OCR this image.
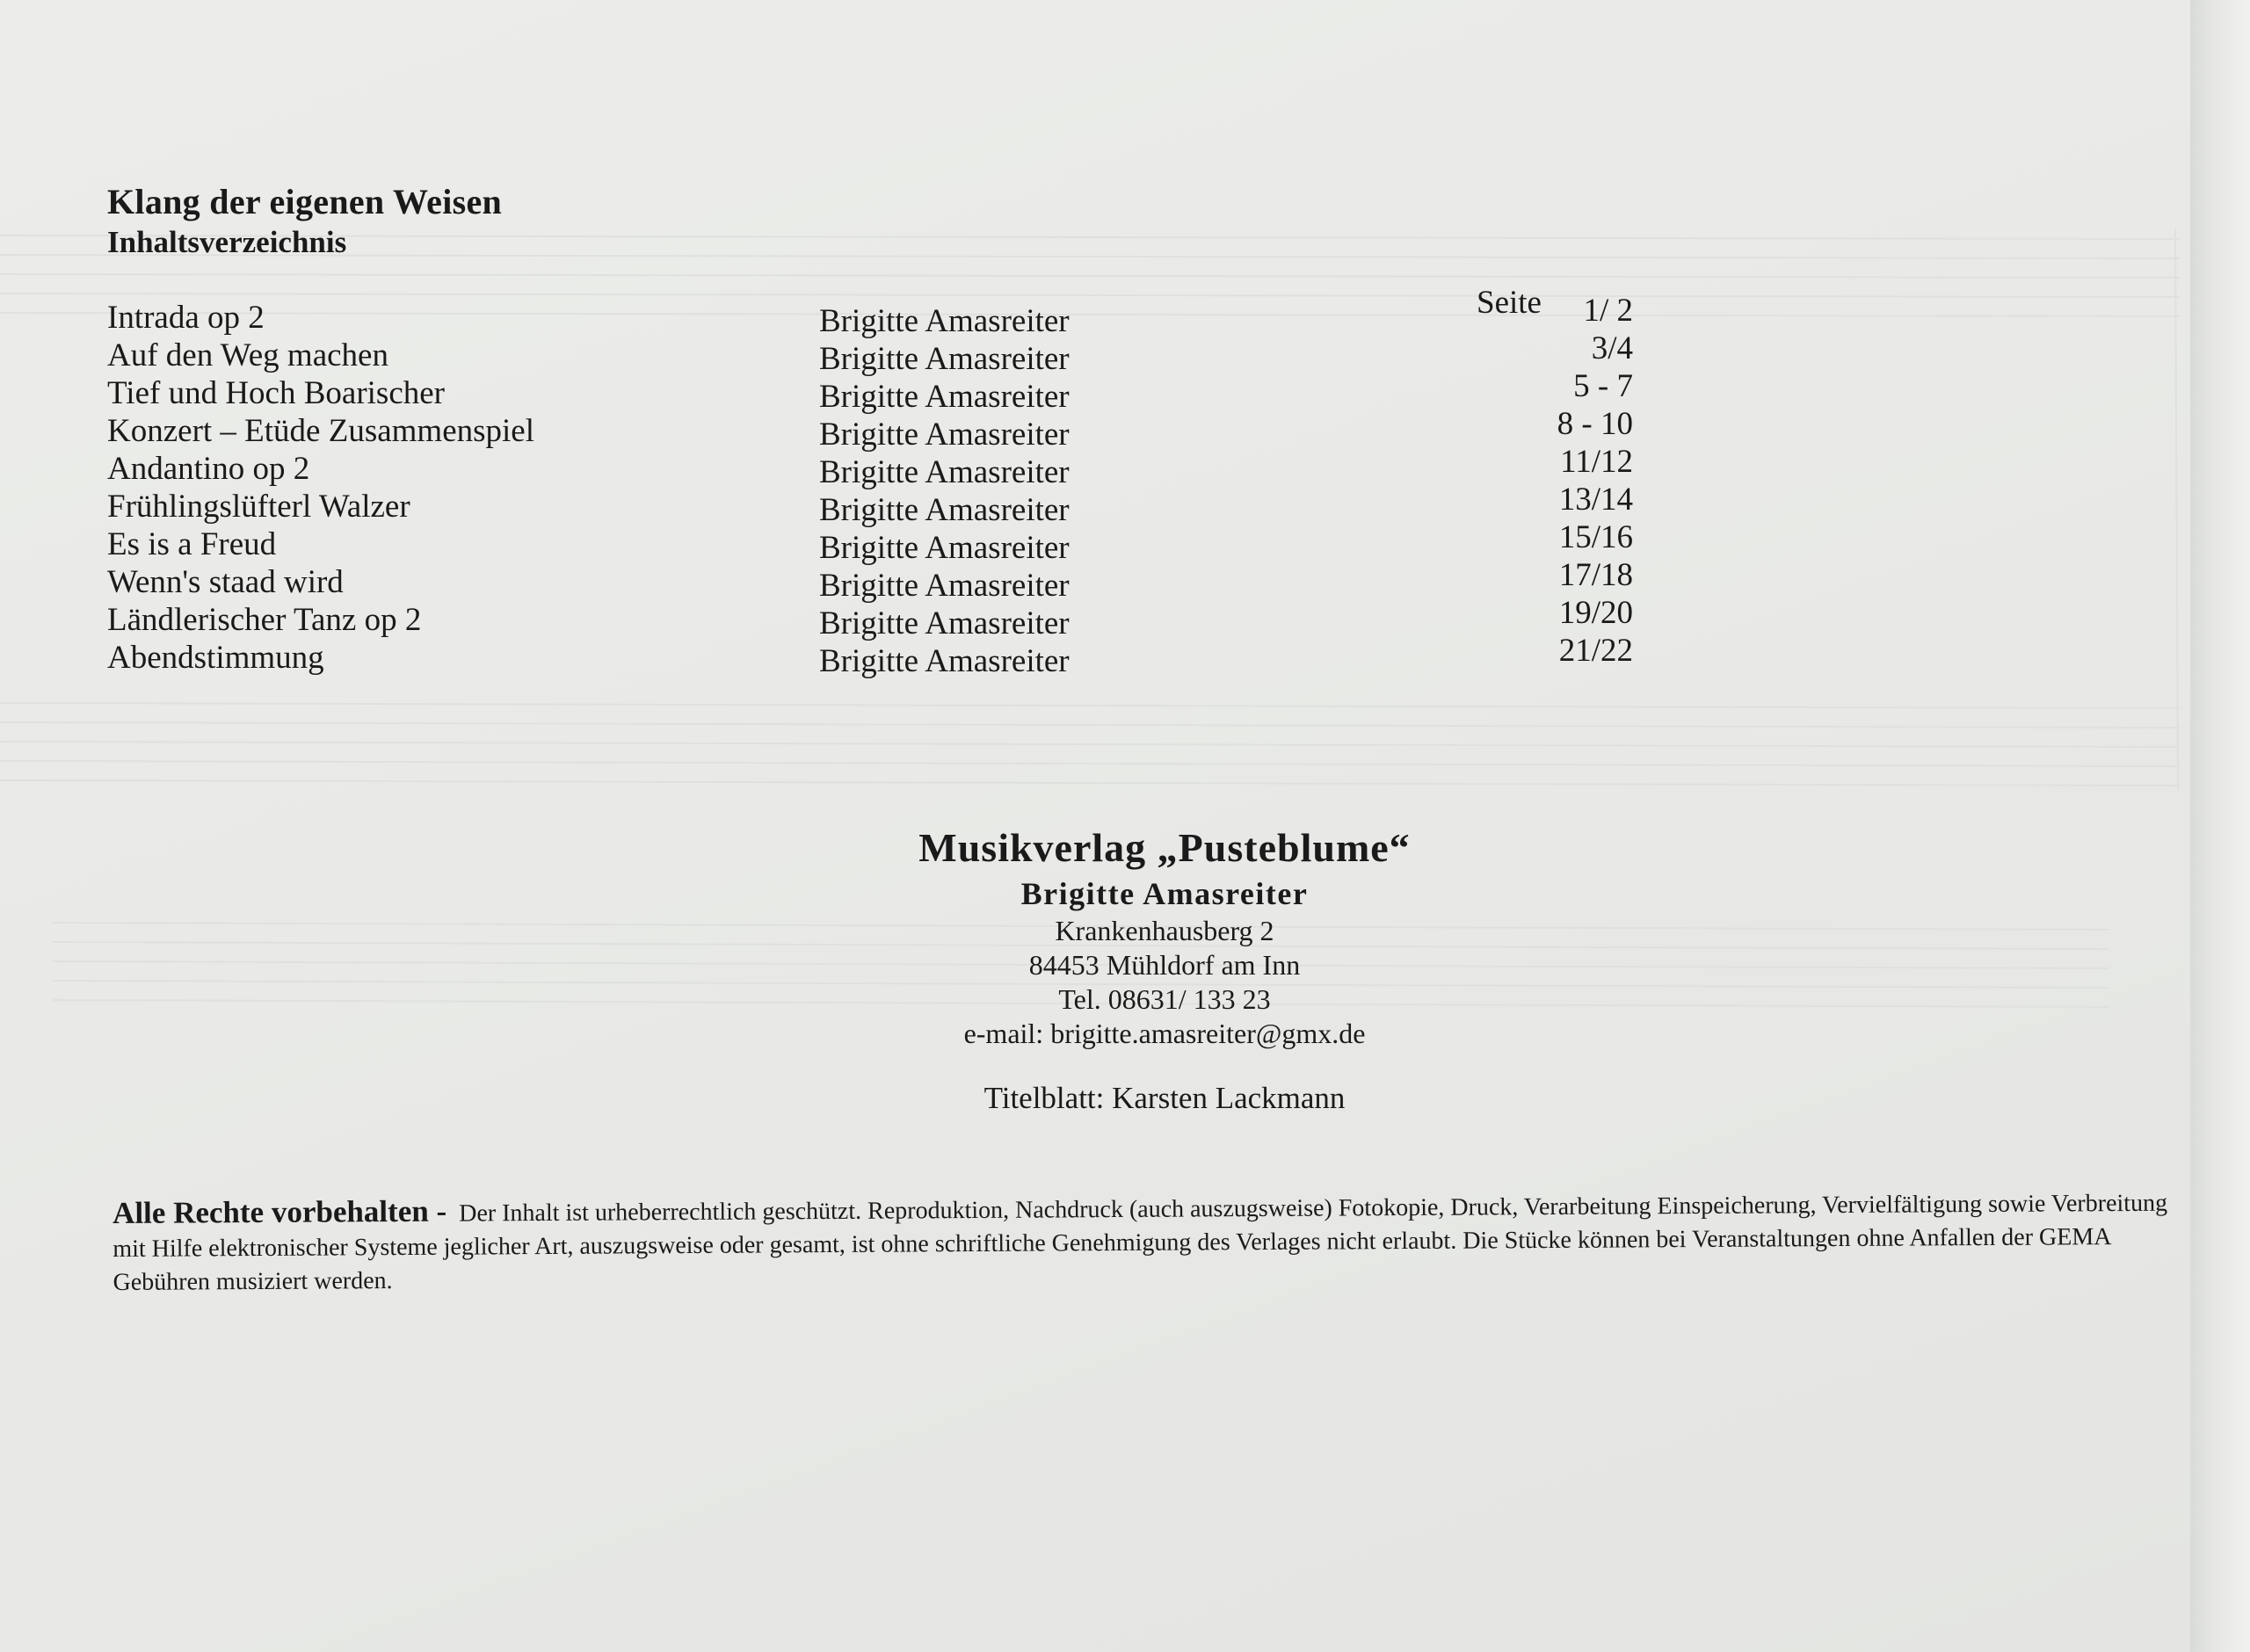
Klang der eigenen Weisen
Inhaltsverzeichnis
Seite
Intrada op 2	Brigitte Amasreiter	1/ 2
Auf den Weg machen	Brigitte Amasreiter	3/4
Tief und Hoch Boarischer	Brigitte Amasreiter	5 - 7
Konzert – Etüde Zusammenspiel	Brigitte Amasreiter	8 - 10
Andantino op 2	Brigitte Amasreiter	11/12
Frühlingslüfterl Walzer	Brigitte Amasreiter	13/14
Es is a Freud	Brigitte Amasreiter	15/16
Wenn's staad wird	Brigitte Amasreiter	17/18
Ländlerischer Tanz op 2	Brigitte Amasreiter	19/20
Abendstimmung	Brigitte Amasreiter	21/22
Musikverlag „Pusteblume“
Brigitte Amasreiter
Krankenhausberg 2
84453 Mühldorf am Inn
Tel. 08631/ 133 23
e-mail: brigitte.amasreiter@gmx.de
Titelblatt: Karsten Lackmann
Alle Rechte vorbehalten - Der Inhalt ist urheberrechtlich geschützt. Reproduktion, Nachdruck (auch auszugsweise) Fotokopie, Druck, Verarbeitung Einspeicherung, Vervielfältigung sowie Verbreitung mit Hilfe elektronischer Systeme jeglicher Art, auszugsweise oder gesamt, ist ohne schriftliche Genehmigung des Verlages nicht erlaubt. Die Stücke können bei Veranstaltungen ohne Anfallen der GEMA Gebühren musiziert werden.
